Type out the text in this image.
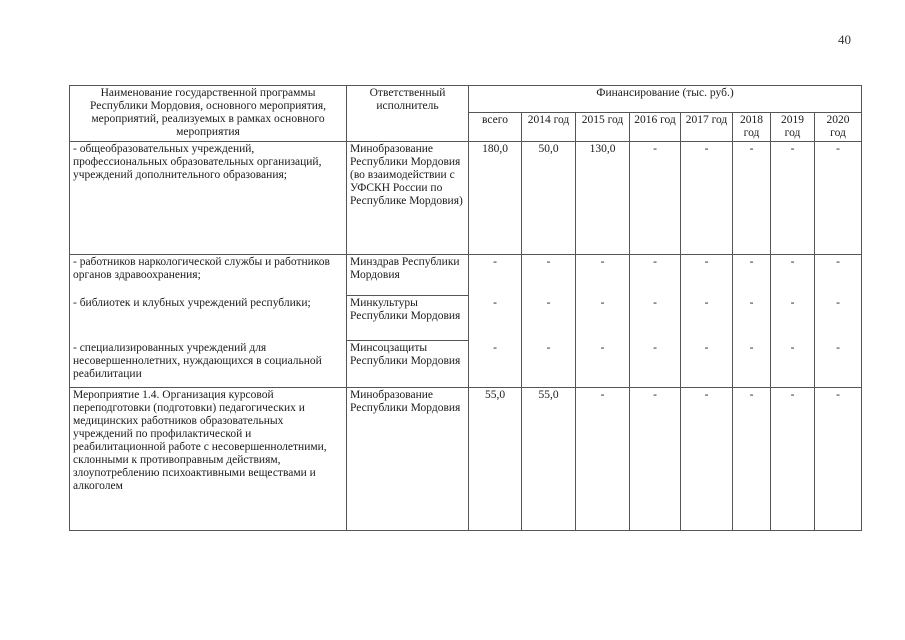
40
Наименование государственной программы Республики Мордовия, основного мероприятия, мероприятий, реализуемых в рамках основного мероприятия	Ответственный исполнитель	Финансирование (тыс. руб.)							
		всего	2014 год	2015 год	2016 год	2017 год	2018 год	2019 год	2020 год
- общеобразовательных учреждений, профессиональных образовательных организаций, учреждений дополнительного образования;	Минобразование Республики Мордовия (во взаимодействии с УФСКН России по Республике Мордовия)	180,0	50,0	130,0	-	-	-	-	-
- работников наркологической службы и работников органов здравоохранения;	Минздрав Республики Мордовия	-	-	-	-	-	-	-	-
- библиотек и клубных учреждений республики;	Минкультуры Республики Мордовия	-	-	-	-	-	-	-	-
- специализированных учреждений для несовершеннолетних, нуждающихся в социальной реабилитации	Минсоцзащиты Республики Мордовия	-	-	-	-	-	-	-	-
Мероприятие 1.4. Организация курсовой переподготовки (подготовки) педагогических и медицинских работников образовательных учреждений по профилактической и реабилитационной работе с несовершеннолетними, склонными к противоправным действиям, злоупотреблению психоактивными веществами и алкоголем	Минобразование Республики Мордовия	55,0	55,0	-	-	-	-	-	-
